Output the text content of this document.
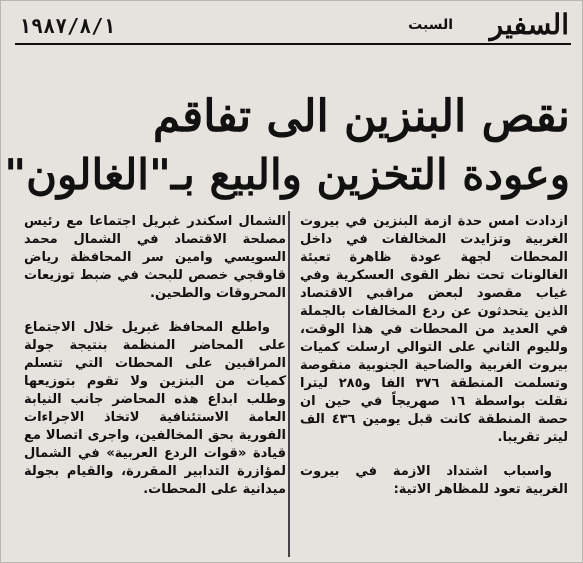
السفير
السبت
١٩٨٧/٨/١
نقص البنزين الى تفاقم
وعودة التخزين والبيع بـ"الغالون"

ازدادت امس حدة ازمة البنزين في بيروت الغربية وتزايدت المخالفات في داخل المحطات لجهة عودة ظاهرة تعبئة الغالونات تحت نظر القوى العسكرية وفي غياب مقصود لبعض مراقبي الاقتصاد الذين يتحدثون عن ردع المخالفات بالجملة في العديد من المحطات في هذا الوقت، ولليوم الثاني على التوالي ارسلت كميات بيروت الغربية والضاحية الجنوبية منقوصة وتسلمت المنطقة ٣٧٦ الفا و٢٨٥ ليترا نقلت بواسطة ١٦ صهريجاً في حين ان حصة المنطقة كانت قبل يومين ٤٣٦ الف ليتر تقريبا.

واسباب اشتداد الازمة في بيروت الغربية تعود للمظاهر الاتية:

الشمال اسكندر غبريل اجتماعا مع رئيس مصلحة الاقتصاد في الشمال محمد السويسي وامين سر المحافظة رياض قاوقجي خصص للبحث في ضبط توزيعات المحروقات والطحين.

واطلع المحافظ غبريل خلال الاجتماع على المحاضر المنظمة بنتيجة جولة المراقبين على المحطات التي تتسلم كميات من البنزين ولا تقوم بتوزيعها وطلب ابداع هذه المحاضر جانب النيابة العامة الاستئنافية لاتخاذ الاجراءات الفورية بحق المخالفين، واجرى اتصالا مع قيادة «قوات الردع العربية» في الشمال لمؤازرة التدابير المقررة، والقيام بجولة ميدانية على المحطات.
